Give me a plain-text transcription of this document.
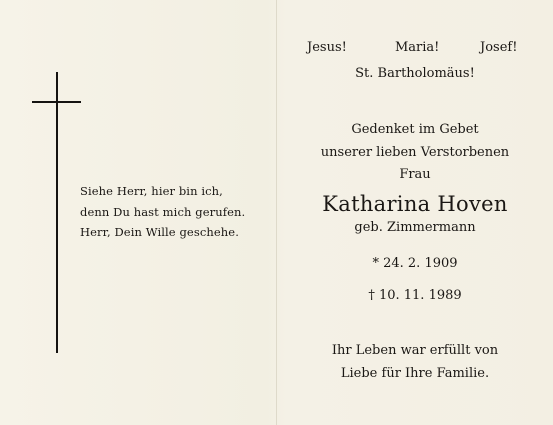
Siehe Herr, hier bin ich,
denn Du hast mich gerufen.
Herr, Dein Wille geschehe.
Jesus!	Maria!	Josef!
St. Bartholomäus!
Gedenket im Gebet
unserer lieben Verstorbenen
Frau
Katharina Hoven
geb. Zimmermann
* 24. 2. 1909
† 10. 11. 1989
Ihr Leben war erfüllt von
Liebe für Ihre Familie.
